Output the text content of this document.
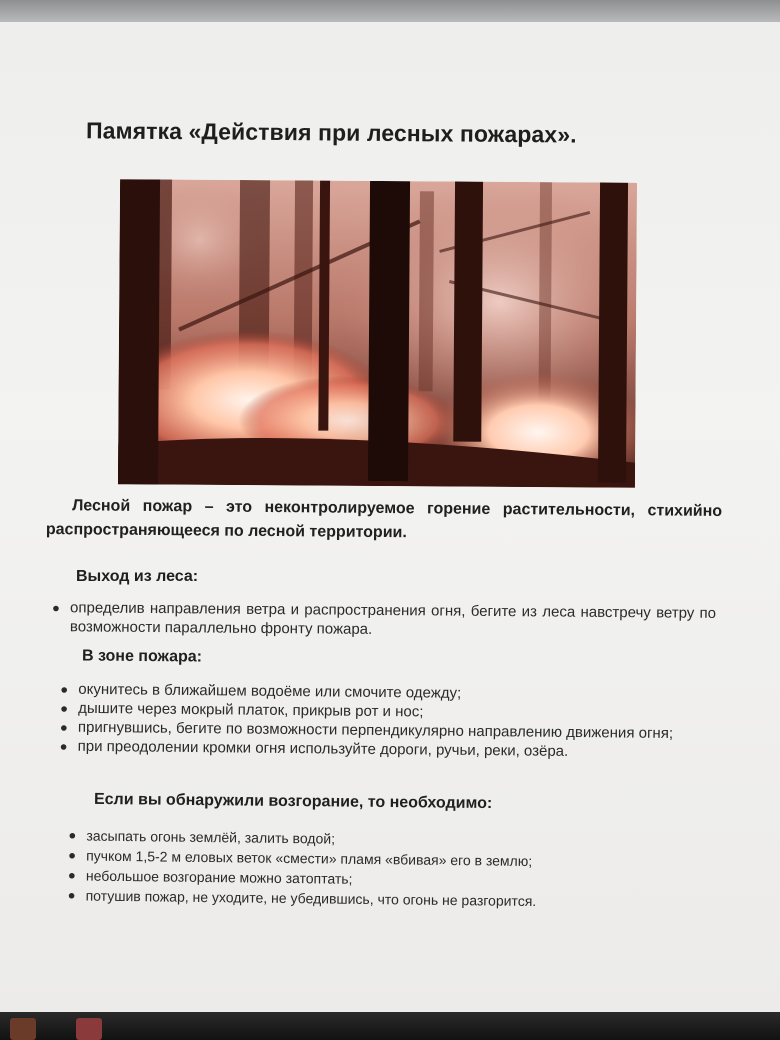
Памятка «Действия при лесных пожарах».

Лесной пожар – это неконтролируемое горение растительности, стихийно распространяющееся по лесной территории.

Выход из леса:
● определив направления ветра и распространения огня, бегите из леса навстречу ветру по возможности параллельно фронту пожара.
В зоне пожара:
● окунитесь в ближайшем водоёме или смочите одежду;
● дышите через мокрый платок, прикрыв рот и нос;
● пригнувшись, бегите по возможности перпендикулярно направлению движения огня;
● при преодолении кромки огня используйте дороги, ручьи, реки, озёра.
Если вы обнаружили возгорание, то необходимо:
● засыпать огонь землёй, залить водой;
● пучком 1,5-2 м еловых веток «смести» пламя «вбивая» его в землю;
● небольшое возгорание можно затоптать;
● потушив пожар, не уходите, не убедившись, что огонь не разгорится.
